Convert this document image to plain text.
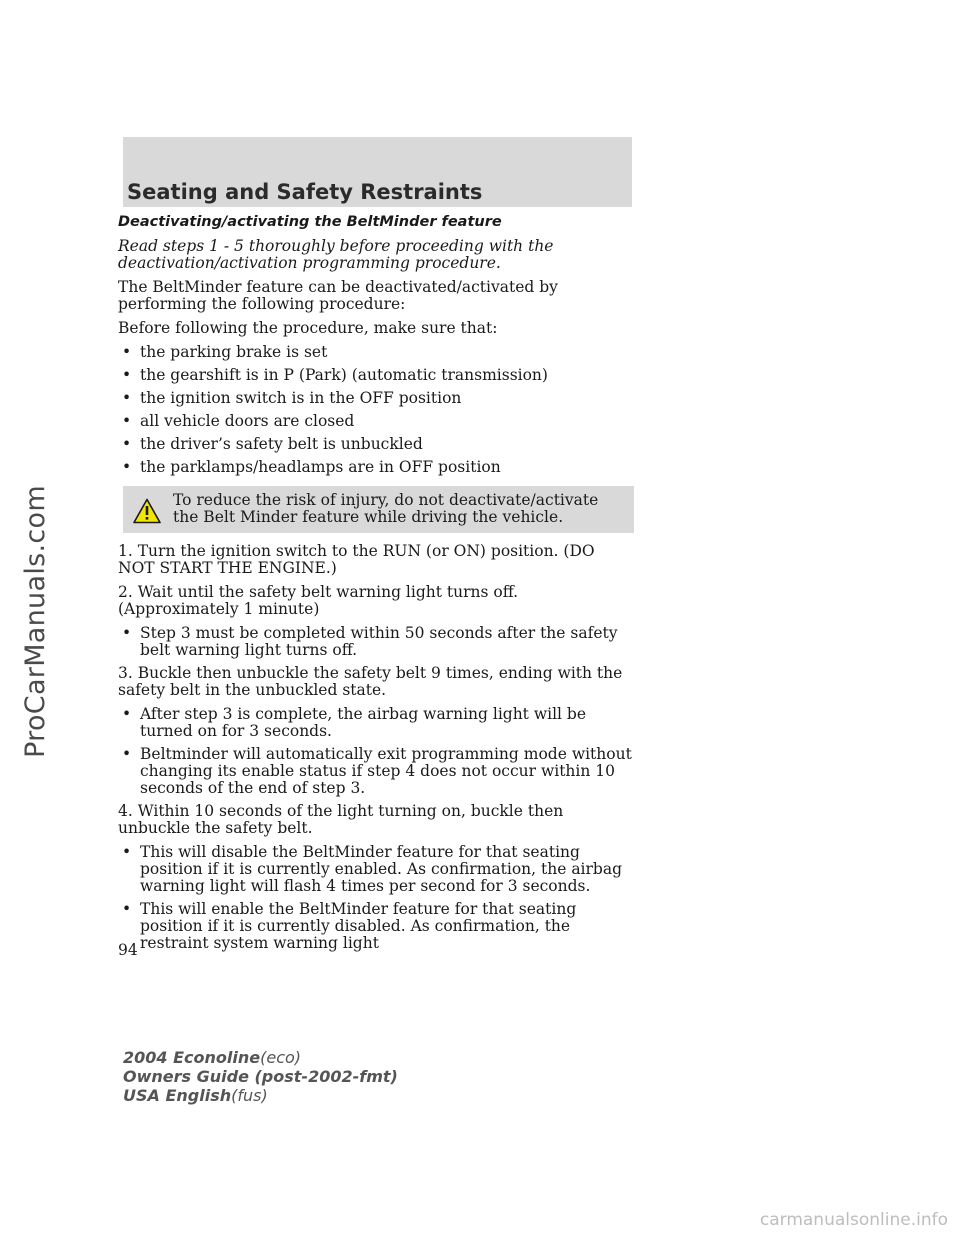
ProCarManuals.com
Seating and Safety Restraints
Deactivating/activating the BeltMinder feature

Read steps 1 - 5 thoroughly before proceeding with the deactivation/activation programming procedure.

The BeltMinder feature can be deactivated/activated by performing the following procedure:

Before following the procedure, make sure that:

• the parking brake is set
• the gearshift is in P (Park) (automatic transmission)
• the ignition switch is in the OFF position
• all vehicle doors are closed
• the driver’s safety belt is unbuckled
• the parklamps/headlamps are in OFF position
To reduce the risk of injury, do not deactivate/activate the Belt Minder feature while driving the vehicle.

1. Turn the ignition switch to the RUN (or ON) position. (DO NOT START THE ENGINE.)

2. Wait until the safety belt warning light turns off. (Approximately 1 minute)

• Step 3 must be completed within 50 seconds after the safety belt warning light turns off.

3. Buckle then unbuckle the safety belt 9 times, ending with the safety belt in the unbuckled state.

• After step 3 is complete, the airbag warning light will be turned on for 3 seconds.
• Beltminder will automatically exit programming mode without changing its enable status if step 4 does not occur within 10 seconds of the end of step 3.

4. Within 10 seconds of the light turning on, buckle then unbuckle the safety belt.

• This will disable the BeltMinder feature for that seating position if it is currently enabled. As confirmation, the airbag warning light will flash 4 times per second for 3 seconds.
• This will enable the BeltMinder feature for that seating position if it is currently disabled. As confirmation, the restraint system warning light
94
2004 Econoline(eco)
Owners Guide (post-2002-fmt)
USA English(fus)
carmanualsonline.info
